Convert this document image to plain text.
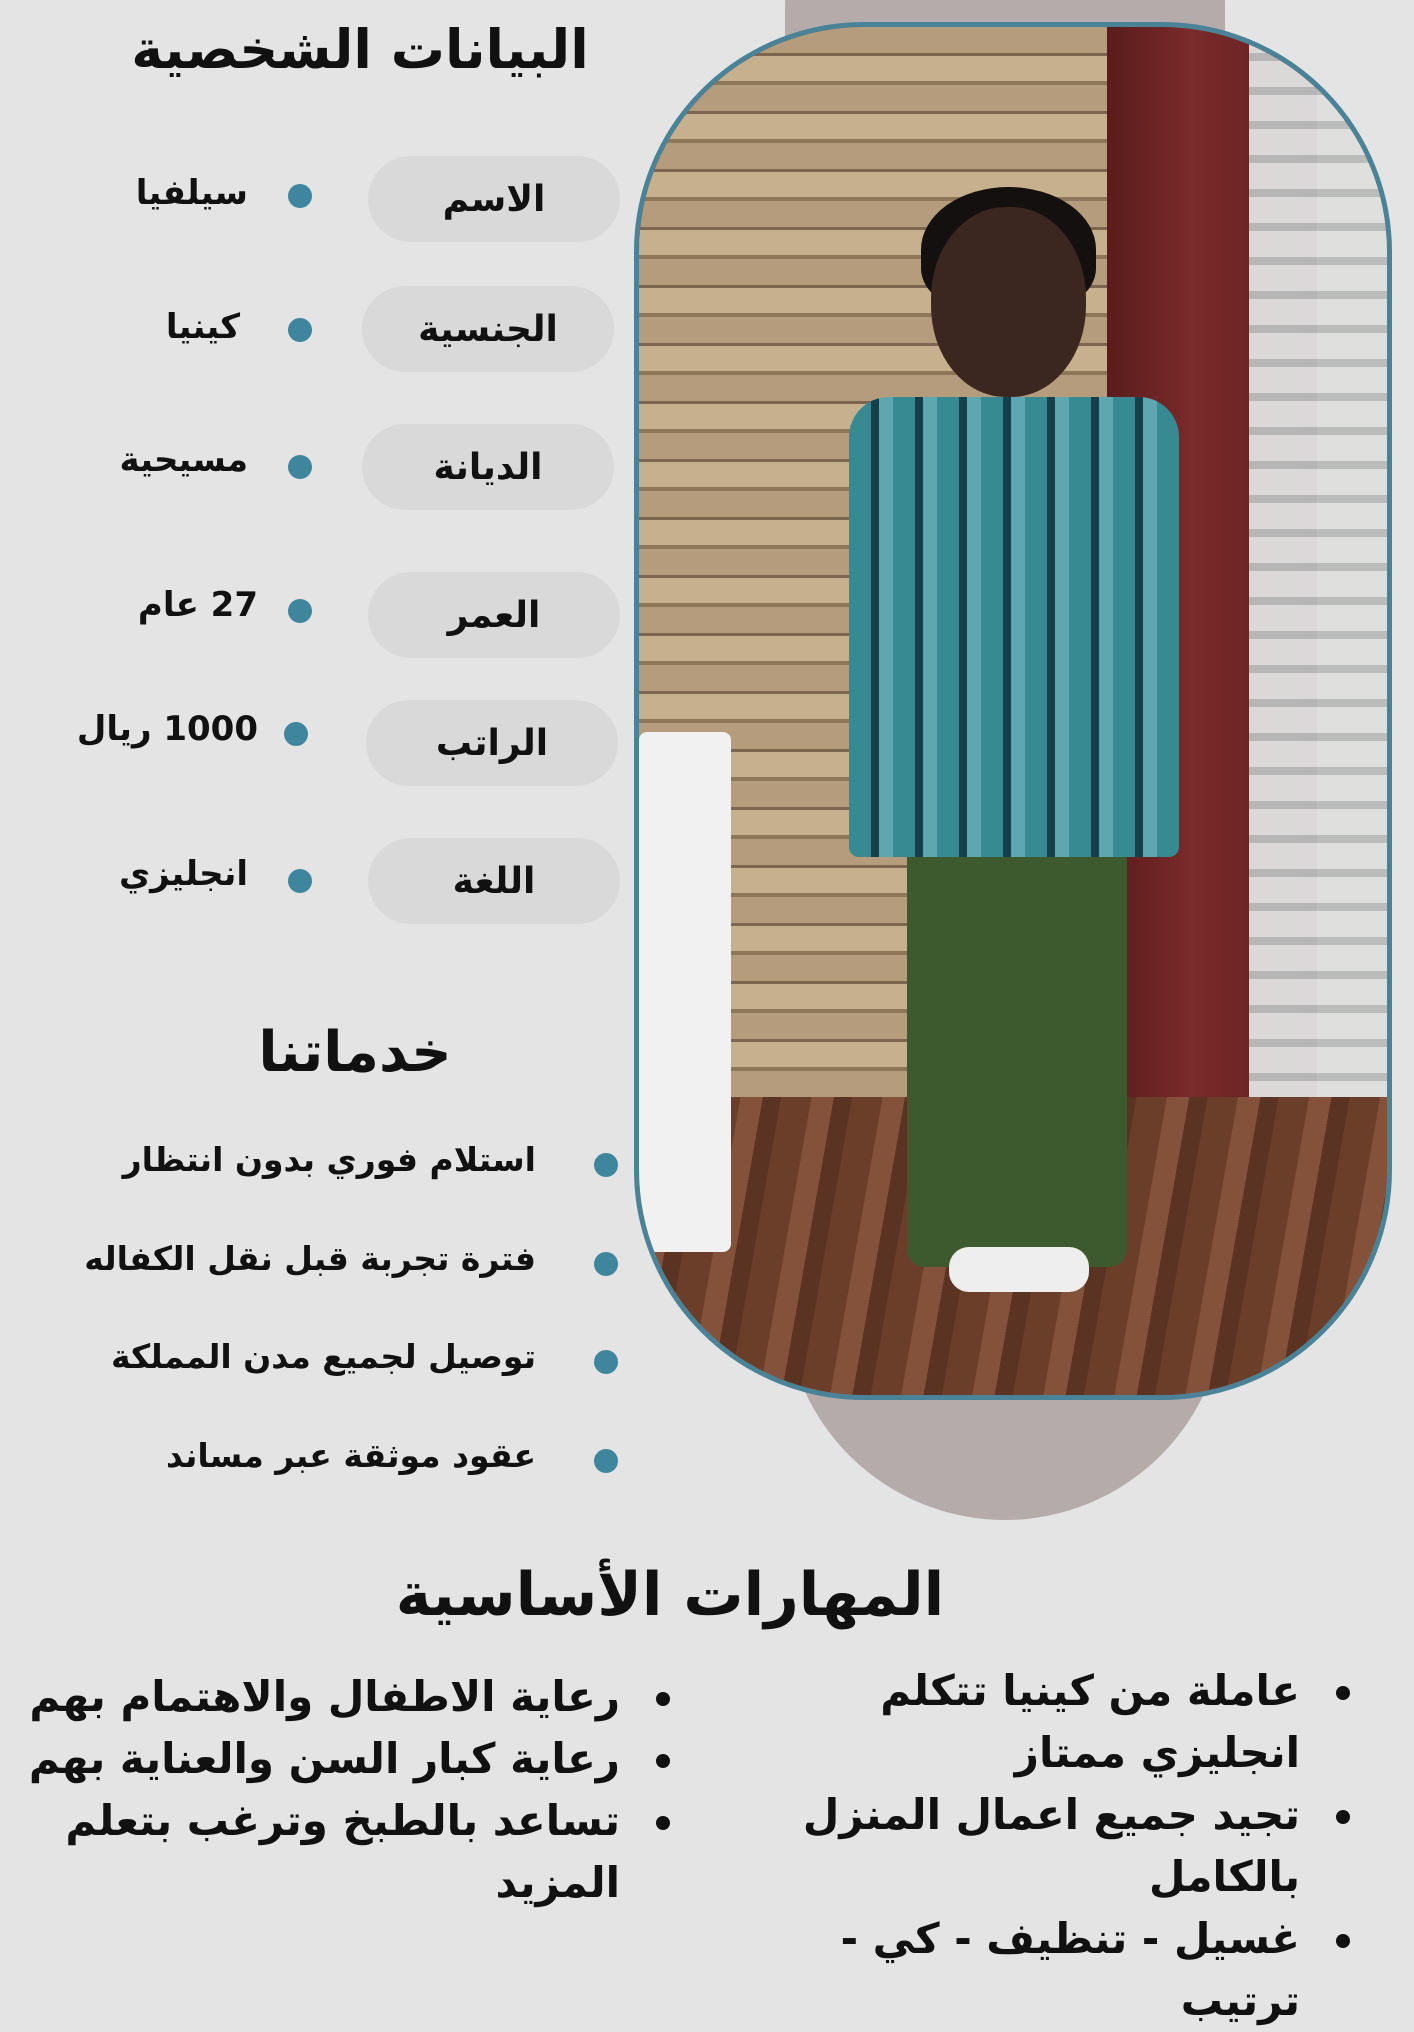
البيانات الشخصية
الاسم
سيلفيا
الجنسية
كينيا
الديانة
مسيحية
العمر
27 عام
الراتب
1000 ريال
اللغة
انجليزي
خدماتنا
استلام فوري بدون انتظار
فترة تجربة قبل نقل الكفاله
توصيل لجميع مدن المملكة
عقود موثقة عبر مساند
المهارات الأساسية
عاملة من كينيا تتكلم انجليزي ممتاز
تجيد جميع اعمال المنزل بالكامل
غسيل - تنظيف - كي - ترتيب
رعاية الاطفال والاهتمام بهم
رعاية كبار السن والعناية بهم
تساعد بالطبخ وترغب بتعلم المزيد
